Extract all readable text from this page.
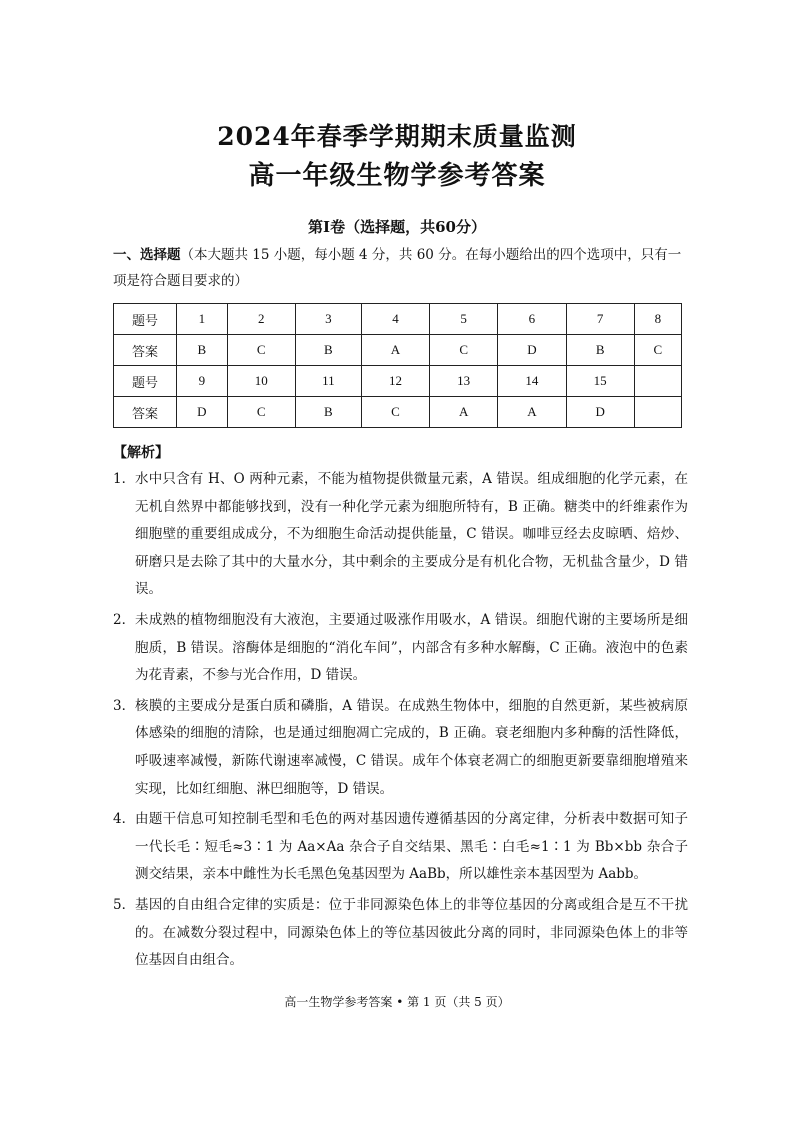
2024年春季学期期末质量监测
高一年级生物学参考答案
第Ⅰ卷（选择题，共60分）
一、选择题（本大题共 15 小题，每小题 4 分，共 60 分。在每小题给出的四个选项中，只有一项是符合题目要求的）
题号	1	2	3	4	5	6	7	8
答案	B	C	B	A	C	D	B	C
题号	9	10	11	12	13	14	15	
答案	D	C	B	C	A	A	D	
【解析】
1． 水中只含有 H、O 两种元素，不能为植物提供微量元素，A 错误。组成细胞的化学元素，在无机自然界中都能够找到，没有一种化学元素为细胞所特有，B 正确。糖类中的纤维素作为细胞壁的重要组成成分，不为细胞生命活动提供能量，C 错误。咖啡豆经去皮晾晒、焙炒、研磨只是去除了其中的大量水分，其中剩余的主要成分是有机化合物，无机盐含量少，D 错误。
2． 未成熟的植物细胞没有大液泡，主要通过吸涨作用吸水，A 错误。细胞代谢的主要场所是细胞质，B 错误。溶酶体是细胞的“消化车间”，内部含有多种水解酶，C 正确。液泡中的色素为花青素，不参与光合作用，D 错误。
3． 核膜的主要成分是蛋白质和磷脂，A 错误。在成熟生物体中，细胞的自然更新，某些被病原体感染的细胞的清除，也是通过细胞凋亡完成的，B 正确。衰老细胞内多种酶的活性降低，呼吸速率减慢，新陈代谢速率减慢，C 错误。成年个体衰老凋亡的细胞更新要靠细胞增殖来实现，比如红细胞、淋巴细胞等，D 错误。
4． 由题干信息可知控制毛型和毛色的两对基因遗传遵循基因的分离定律，分析表中数据可知子一代长毛∶短毛≈3∶1 为 Aa×Aa 杂合子自交结果、黑毛∶白毛≈1∶1 为 Bb×bb 杂合子测交结果，亲本中雌性为长毛黑色兔基因型为 AaBb，所以雄性亲本基因型为 Aabb。
5． 基因的自由组合定律的实质是：位于非同源染色体上的非等位基因的分离或组合是互不干扰的。在减数分裂过程中，同源染色体上的等位基因彼此分离的同时，非同源染色体上的非等位基因自由组合。
高一生物学参考答案 • 第 1 页（共 5 页）
